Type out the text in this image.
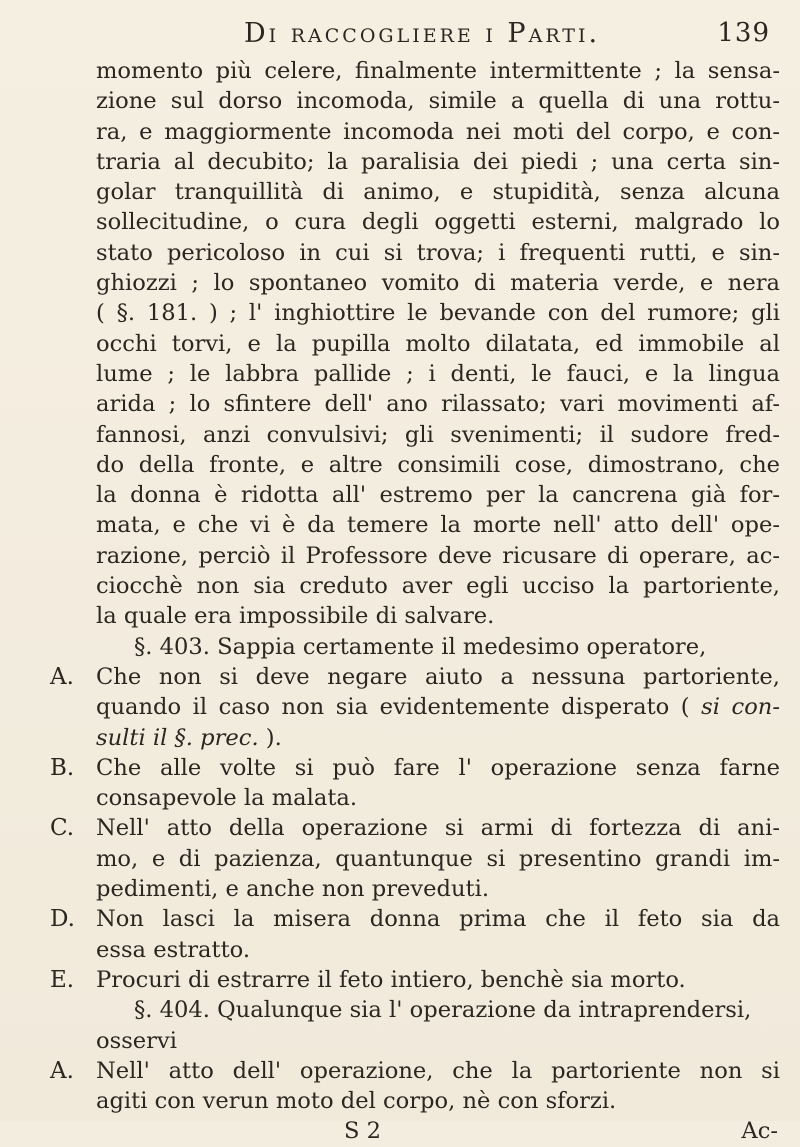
Di raccogliere i Parti.	139
momento più celere, finalmente intermittente ; la sensa-
zione sul dorso incomoda, simile a quella di una rottu-
ra, e maggiormente incomoda nei moti del corpo, e con-
traria al decubito; la paralisia dei piedi ; una certa sin-
golar tranquillità di animo, e stupidità, senza alcuna
sollecitudine, o cura degli oggetti esterni, malgrado lo
stato pericoloso in cui si trova; i frequenti rutti, e sin-
ghiozzi ; lo spontaneo vomito di materia verde, e nera
( §. 181. ) ; l' inghiottire le bevande con del rumore; gli
occhi torvi, e la pupilla molto dilatata, ed immobile al
lume ; le labbra pallide ; i denti, le fauci, e la lingua
arida ; lo sfintere dell' ano rilassato; vari movimenti af-
fannosi, anzi convulsivi; gli svenimenti; il sudore fred-
do della fronte, e altre consimili cose, dimostrano, che
la donna è ridotta all' estremo per la cancrena già for-
mata, e che vi è da temere la morte nell' atto dell' ope-
razione, perciò il Professore deve ricusare di operare, ac-
ciocchè non sia creduto aver egli ucciso la partoriente,
la quale era impossibile di salvare.
§. 403. Sappia certamente il medesimo operatore,
A. Che non si deve negare aiuto a nessuna partoriente,
quando il caso non sia evidentemente disperato ( si con-
sulti il §. prec. ).
B. Che alle volte si può fare l' operazione senza farne
consapevole la malata.
C. Nell' atto della operazione si armi di fortezza di ani-
mo, e di pazienza, quantunque si presentino grandi im-
pedimenti, e anche non preveduti.
D. Non lasci la misera donna prima che il feto sia da
essa estratto.
E. Procuri di estrarre il feto intiero, benchè sia morto.
§. 404. Qualunque sia l' operazione da intraprendersi,
osservi
A. Nell' atto dell' operazione, che la partoriente non si
agiti con verun moto del corpo, nè con sforzi.
S 2	Ac-
